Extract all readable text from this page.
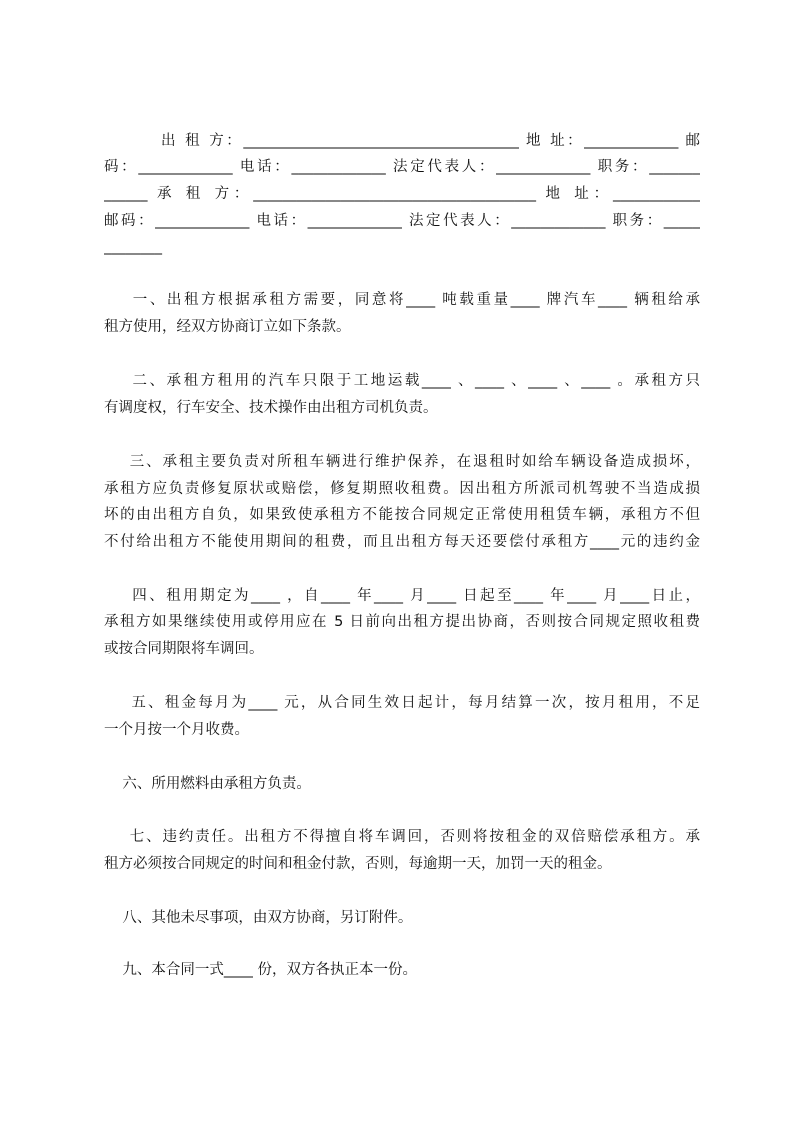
出 租 方：______________________________________ 地 址：_____________ 邮
码：_____________ 电话：_____________ 法定代表人：_____________ 职务：_______
______ 承 租 方：_______________________________________ 地 址：____________
邮码：_____________ 电话：_____________ 法定代表人：_____________ 职务：_____
________
一、出租方根据承租方需要，同意将____ 吨载重量____ 牌汽车____ 辆租给承
租方使用，经双方协商订立如下条款。
二、承租方租用的汽车只限于工地运载____ 、____ 、____ 、____ 。承租方只
有调度权，行车安全、技术操作由出租方司机负责。
三、承租主要负责对所租车辆进行维护保养，在退租时如给车辆设备造成损坏，
承租方应负责修复原状或赔偿，修复期照收租费。因出租方所派司机驾驶不当造成损
坏的由出租方自负，如果致使承租方不能按合同规定正常使用租赁车辆，承租方不但
不付给出租方不能使用期间的租费，而且出租方每天还要偿付承租方____元的违约金
四、租用期定为____ ，自____ 年____ 月____ 日起至____ 年____ 月____日止，
承租方如果继续使用或停用应在 5 日前向出租方提出协商，否则按合同规定照收租费
或按合同期限将车调回。
五、租金每月为____ 元，从合同生效日起计，每月结算一次，按月租用，不足
一个月按一个月收费。
六、所用燃料由承租方负责。
七、违约责任。出租方不得擅自将车调回，否则将按租金的双倍赔偿承租方。承
租方必须按合同规定的时间和租金付款，否则，每逾期一天，加罚一天的租金。
八、其他未尽事项，由双方协商，另订附件。
九、本合同一式____ 份，双方各执正本一份。
